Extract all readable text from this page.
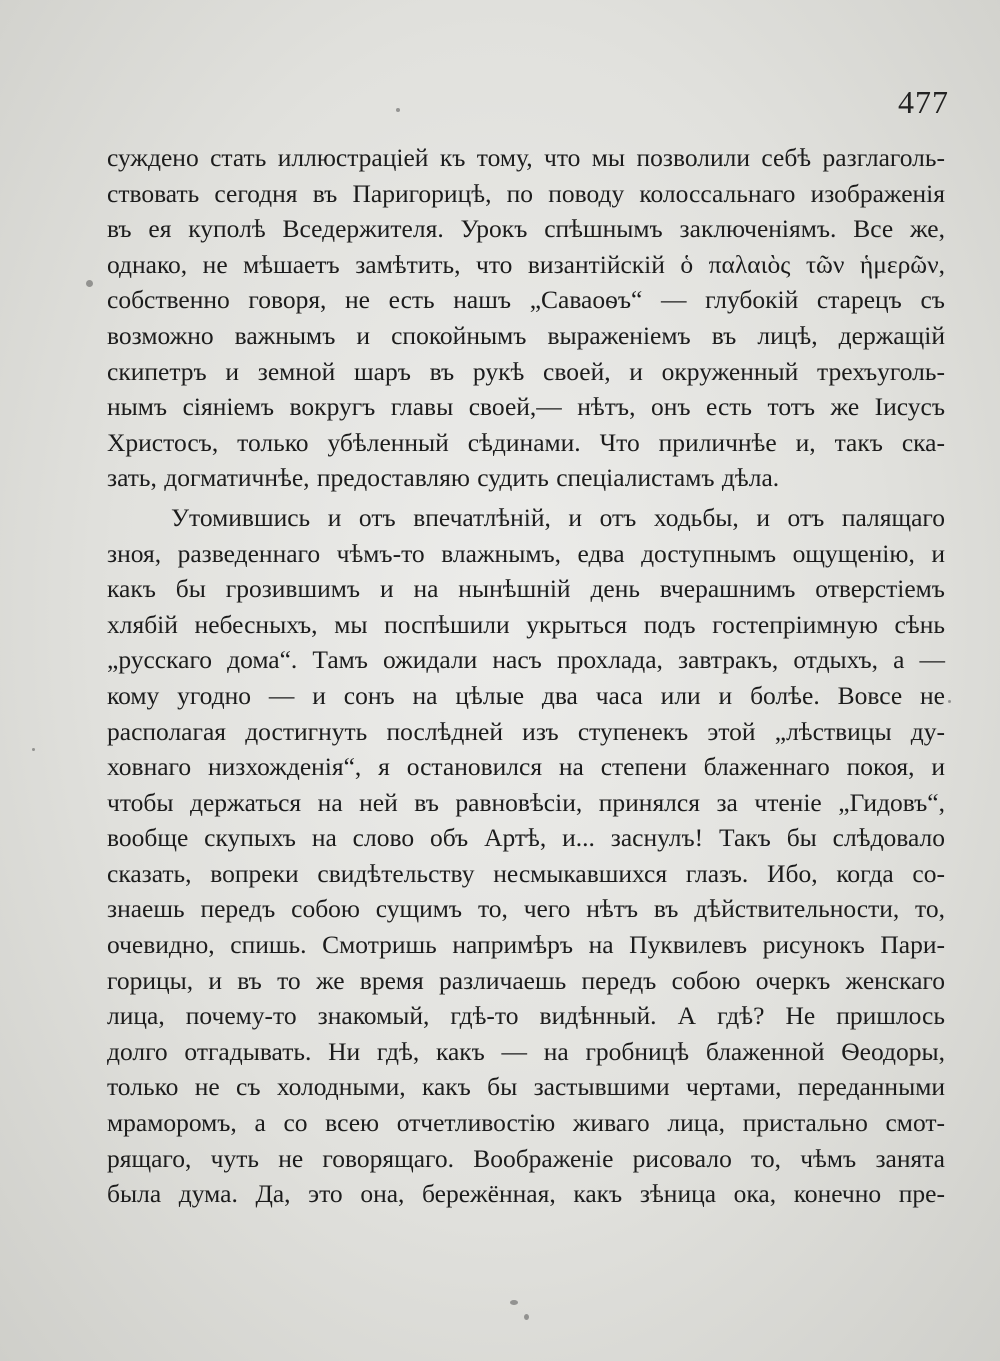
477
суждено стать иллюстраціей къ тому, что мы позволили себѣ разглаголь-
ствовать сегодня въ Паригорицѣ, по поводу колоссальнаго изображенія
въ ея куполѣ Вседержителя. Урокъ спѣшнымъ заключеніямъ. Все же,
однако, не мѣшаетъ замѣтить, что византійскій ὁ παλαιὸς τῶν ἡμερῶν,
собственно говоря, не есть нашъ „Саваоѳъ“ — глубокій старецъ съ
возможно важнымъ и спокойнымъ выраженіемъ въ лицѣ, держащій
скипетръ и земной шаръ въ рукѣ своей, и окруженный трехъуголь-
нымъ сіяніемъ вокругъ главы своей,— нѣтъ, онъ есть тотъ же Іисусъ
Христосъ, только убѣленный сѣдинами. Что приличнѣе и, такъ ска-
зать, догматичнѣе, предоставляю судить спеціалистамъ дѣла.
Утомившись и отъ впечатлѣній, и отъ ходьбы, и отъ палящаго
зноя, разведеннаго чѣмъ-то влажнымъ, едва доступнымъ ощущенію, и
какъ бы грозившимъ и на нынѣшній день вчерашнимъ отверстіемъ
хлябій небесныхъ, мы поспѣшили укрыться подъ гостепріимную сѣнь
„русскаго дома“. Тамъ ожидали насъ прохлада, завтракъ, отдыхъ, а —
кому угодно — и сонъ на цѣлые два часа или и болѣе. Вовсе не
располагая достигнуть послѣдней изъ ступенекъ этой „лѣствицы ду-
ховнаго низхожденія“, я остановился на степени блаженнаго покоя, и
чтобы держаться на ней въ равновѣсіи, принялся за чтеніе „Гидовъ“,
вообще скупыхъ на слово объ Артѣ, и... заснулъ! Такъ бы слѣдовало
сказать, вопреки свидѣтельству несмыкавшихся глазъ. Ибо, когда со-
знаешь передъ собою сущимъ то, чего нѣтъ въ дѣйствительности, то,
очевидно, спишь. Смотришь напримѣръ на Пуквилевъ рисунокъ Пари-
горицы, и въ то же время различаешь передъ собою очеркъ женскаго
лица, почему-то знакомый, гдѣ-то видѣнный. А гдѣ? Не пришлось
долго отгадывать. Ни гдѣ, какъ — на гробницѣ блаженной Ѳеодоры,
только не съ холодными, какъ бы застывшими чертами, переданными
мраморомъ, а со всею отчетливостію живаго лица, пристально смот-
рящаго, чуть не говорящаго. Воображеніе рисовало то, чѣмъ занята
была дума. Да, это она, бережённая, какъ зѣница ока, конечно пре-
